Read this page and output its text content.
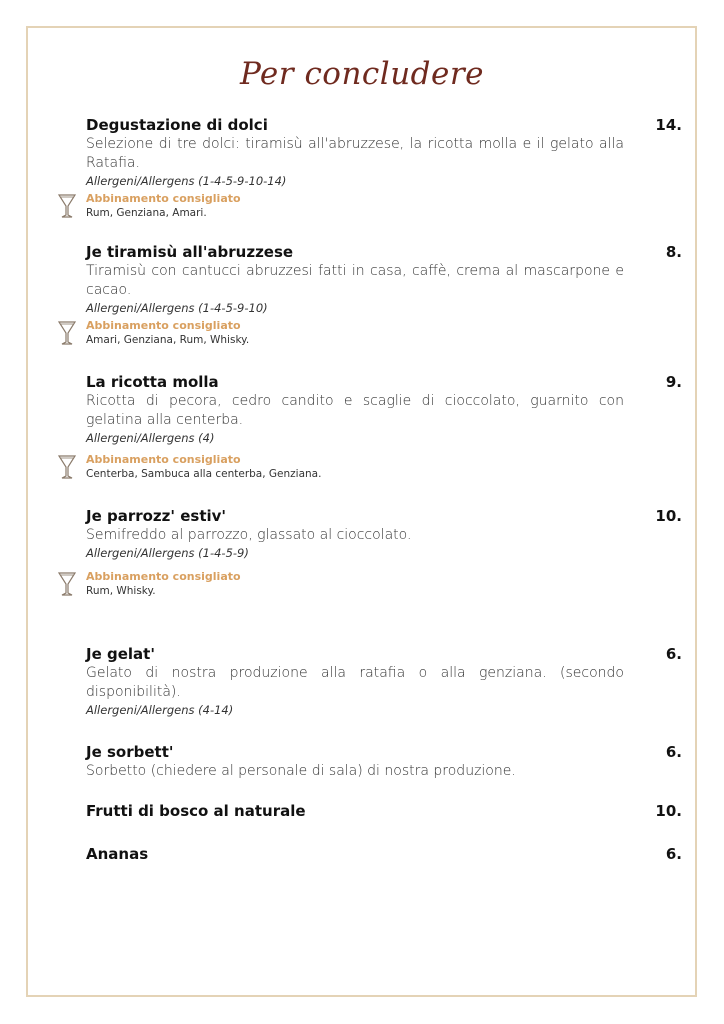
Per concludere
Degustazione di dolci	14.
Selezione di tre dolci: tiramisù all'abruzzese, la ricotta molla e il gelato alla Ratafia.
Allergeni/Allergens (1-4-5-9-10-14)
Abbinamento consigliato
Rum, Genziana, Amari.
Je tiramisù all'abruzzese	8.
Tiramisù con cantucci abruzzesi fatti in casa, caffè, crema al mascarpone e cacao.
Allergeni/Allergens (1-4-5-9-10)
Abbinamento consigliato
Amari, Genziana, Rum, Whisky.
La ricotta molla	9.
Ricotta di pecora, cedro candito e scaglie di cioccolato, guarnito con gelatina alla centerba.
Allergeni/Allergens (4)
Abbinamento consigliato
Centerba, Sambuca alla centerba, Genziana.
Je parrozz' estiv'	10.
Semifreddo al parrozzo, glassato al cioccolato.
Allergeni/Allergens (1-4-5-9)
Abbinamento consigliato
Rum, Whisky.
Je gelat'	6.
Gelato di nostra produzione alla ratafia o alla genziana. (secondo disponibilità).
Allergeni/Allergens (4-14)
Je sorbett'	6.
Sorbetto (chiedere al personale di sala) di nostra produzione.
Frutti di bosco al naturale	10.
Ananas	6.
